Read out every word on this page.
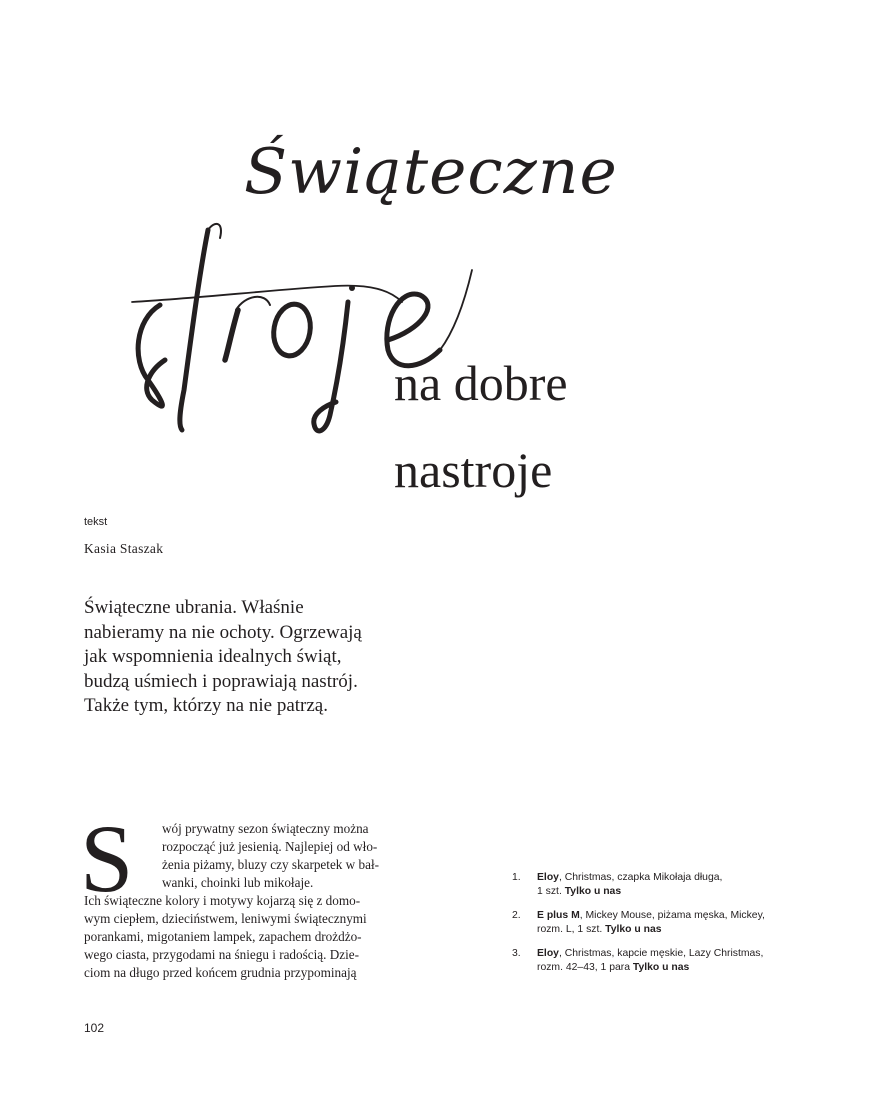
Świąteczne
na dobre
nastroje
tekst
Kasia Staszak

Świąteczne ubrania. Właśnie
nabieramy na nie ochoty. Ogrzewają
jak wspomnienia idealnych świąt,
budzą uśmiech i poprawiają nastrój.
Także tym, którzy na nie patrzą.

S	wój prywatny sezon świąteczny można
rozpocząć już jesienią. Najlepiej od wło-
żenia piżamy, bluzy czy skarpetek w bał-
wanki, choinki lub mikołaje.
Ich świąteczne kolory i motywy kojarzą się z domo-
wym ciepłem, dzieciństwem, leniwymi świątecznymi
porankami, migotaniem lampek, zapachem drożdżo-
wego ciasta, przygodami na śniegu i radością. Dzie-
ciom na długo przed końcem grudnia przypominają

1. Eloy, Christmas, czapka Mikołaja długa,
1 szt. Tylko u nas
2. E plus M, Mickey Mouse, piżama męska, Mickey,
rozm. L, 1 szt. Tylko u nas
3. Eloy, Christmas, kapcie męskie, Lazy Christmas,
rozm. 42–43, 1 para Tylko u nas
102
